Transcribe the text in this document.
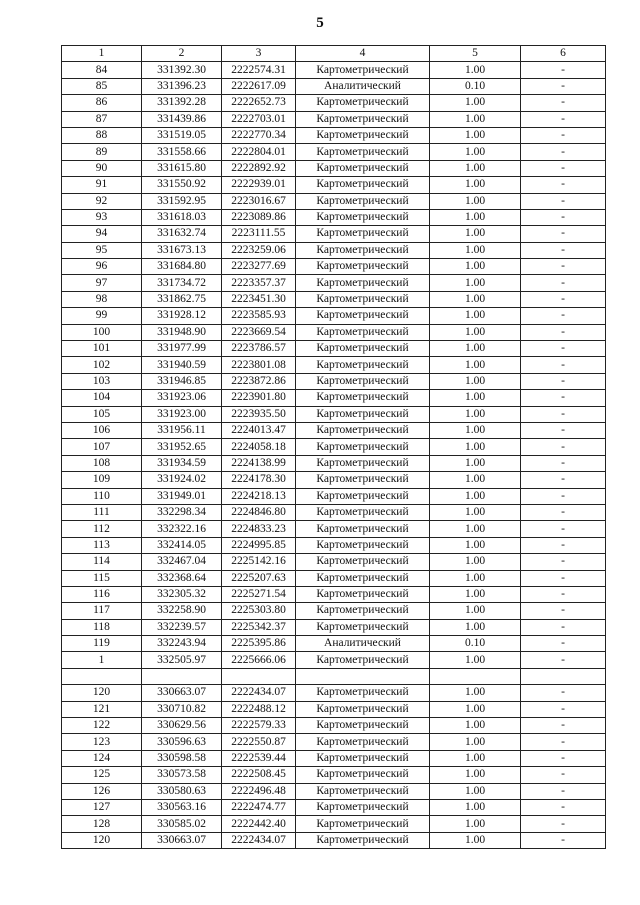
5
1	2	3	4	5	6
84	331392.30	2222574.31	Картометрический	1.00	-
85	331396.23	2222617.09	Аналитический	0.10	-
86	331392.28	2222652.73	Картометрический	1.00	-
87	331439.86	2222703.01	Картометрический	1.00	-
88	331519.05	2222770.34	Картометрический	1.00	-
89	331558.66	2222804.01	Картометрический	1.00	-
90	331615.80	2222892.92	Картометрический	1.00	-
91	331550.92	2222939.01	Картометрический	1.00	-
92	331592.95	2223016.67	Картометрический	1.00	-
93	331618.03	2223089.86	Картометрический	1.00	-
94	331632.74	2223111.55	Картометрический	1.00	-
95	331673.13	2223259.06	Картометрический	1.00	-
96	331684.80	2223277.69	Картометрический	1.00	-
97	331734.72	2223357.37	Картометрический	1.00	-
98	331862.75	2223451.30	Картометрический	1.00	-
99	331928.12	2223585.93	Картометрический	1.00	-
100	331948.90	2223669.54	Картометрический	1.00	-
101	331977.99	2223786.57	Картометрический	1.00	-
102	331940.59	2223801.08	Картометрический	1.00	-
103	331946.85	2223872.86	Картометрический	1.00	-
104	331923.06	2223901.80	Картометрический	1.00	-
105	331923.00	2223935.50	Картометрический	1.00	-
106	331956.11	2224013.47	Картометрический	1.00	-
107	331952.65	2224058.18	Картометрический	1.00	-
108	331934.59	2224138.99	Картометрический	1.00	-
109	331924.02	2224178.30	Картометрический	1.00	-
110	331949.01	2224218.13	Картометрический	1.00	-
111	332298.34	2224846.80	Картометрический	1.00	-
112	332322.16	2224833.23	Картометрический	1.00	-
113	332414.05	2224995.85	Картометрический	1.00	-
114	332467.04	2225142.16	Картометрический	1.00	-
115	332368.64	2225207.63	Картометрический	1.00	-
116	332305.32	2225271.54	Картометрический	1.00	-
117	332258.90	2225303.80	Картометрический	1.00	-
118	332239.57	2225342.37	Картометрический	1.00	-
119	332243.94	2225395.86	Аналитический	0.10	-
1	332505.97	2225666.06	Картометрический	1.00	-

120	330663.07	2222434.07	Картометрический	1.00	-
121	330710.82	2222488.12	Картометрический	1.00	-
122	330629.56	2222579.33	Картометрический	1.00	-
123	330596.63	2222550.87	Картометрический	1.00	-
124	330598.58	2222539.44	Картометрический	1.00	-
125	330573.58	2222508.45	Картометрический	1.00	-
126	330580.63	2222496.48	Картометрический	1.00	-
127	330563.16	2222474.77	Картометрический	1.00	-
128	330585.02	2222442.40	Картометрический	1.00	-
120	330663.07	2222434.07	Картометрический	1.00	-
